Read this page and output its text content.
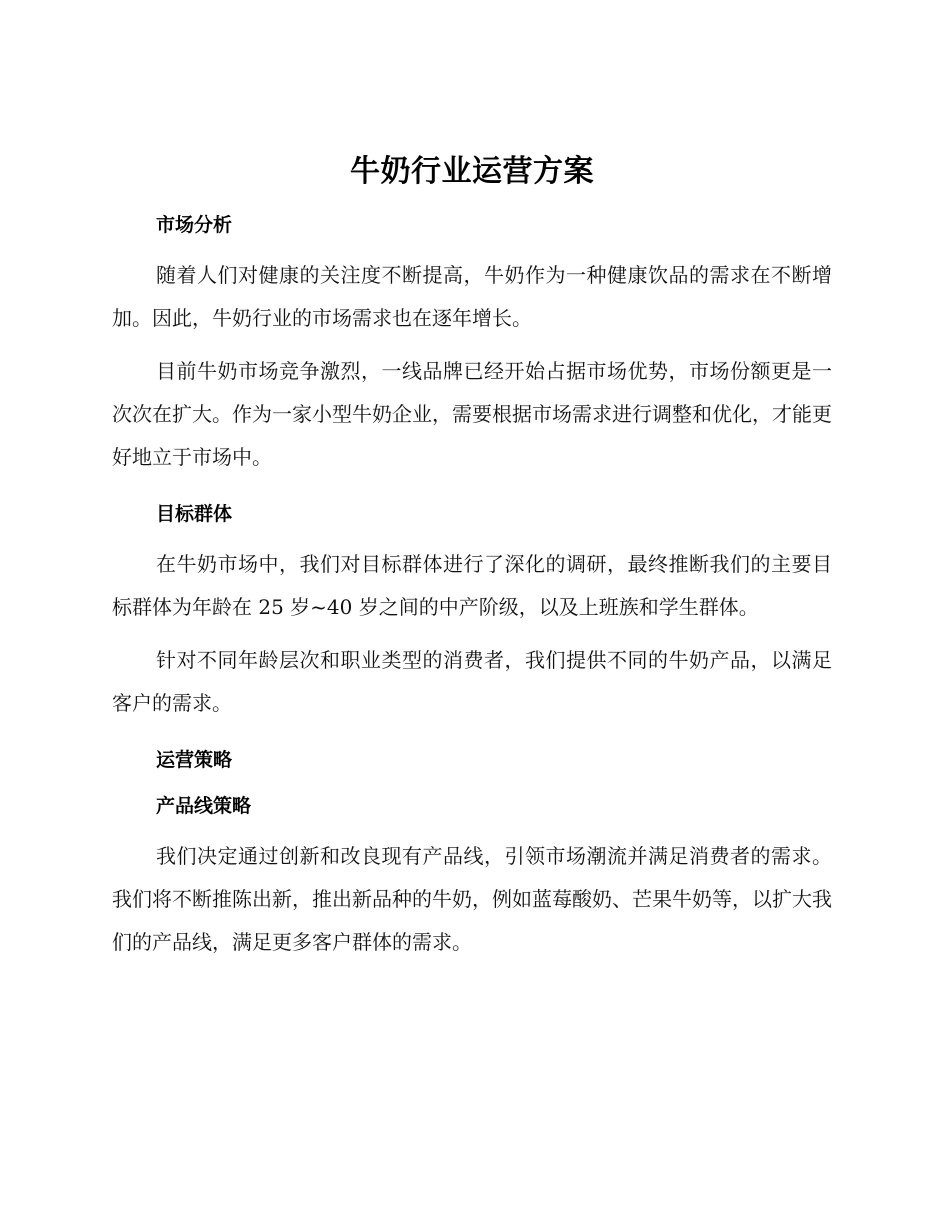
牛奶行业运营方案
市场分析

随着人们对健康的关注度不断提高，牛奶作为一种健康饮品的需求在不断增加。因此，牛奶行业的市场需求也在逐年增长。

目前牛奶市场竞争激烈，一线品牌已经开始占据市场优势，市场份额更是一次次在扩大。作为一家小型牛奶企业，需要根据市场需求进行调整和优化，才能更好地立于市场中。

目标群体

在牛奶市场中，我们对目标群体进行了深化的调研，最终推断我们的主要目标群体为年龄在 25 岁~40 岁之间的中产阶级，以及上班族和学生群体。

针对不同年龄层次和职业类型的消费者，我们提供不同的牛奶产品，以满足客户的需求。

运营策略
产品线策略

我们决定通过创新和改良现有产品线，引领市场潮流并满足消费者的需求。我们将不断推陈出新，推出新品种的牛奶，例如蓝莓酸奶、芒果牛奶等，以扩大我们的产品线，满足更多客户群体的需求。
